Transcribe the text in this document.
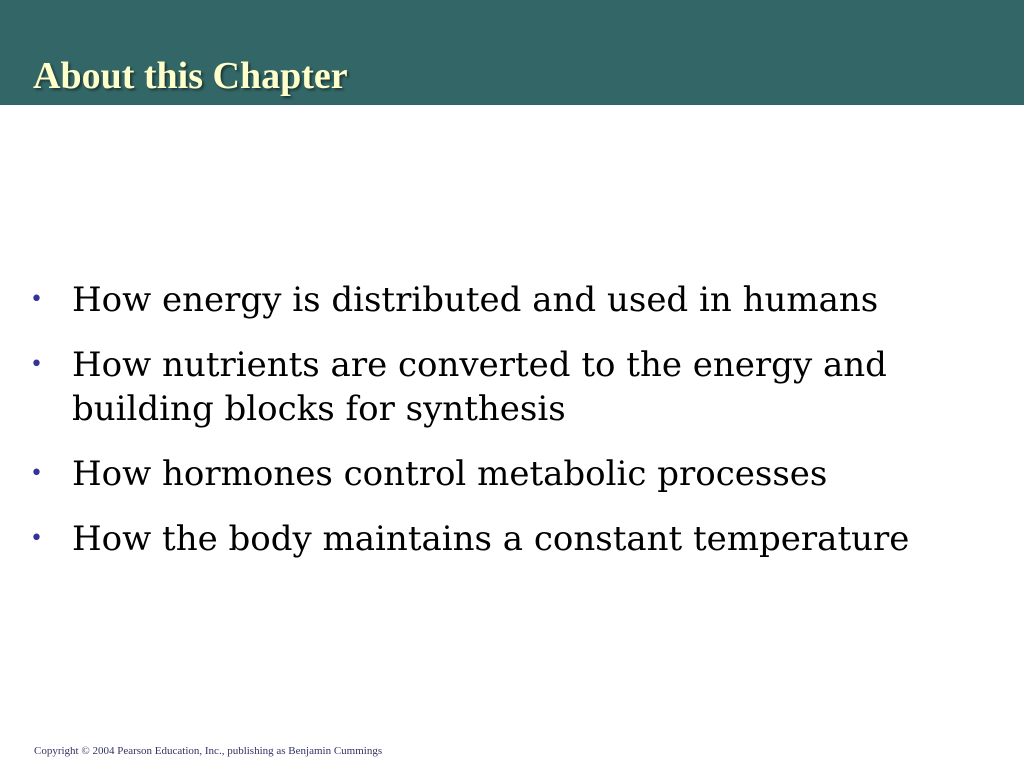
About this Chapter
• How energy is distributed and used in humans
• How nutrients are converted to the energy and building blocks for synthesis
• How hormones control metabolic processes
• How the body maintains a constant temperature

Copyright © 2004 Pearson Education, Inc., publishing as Benjamin Cummings
